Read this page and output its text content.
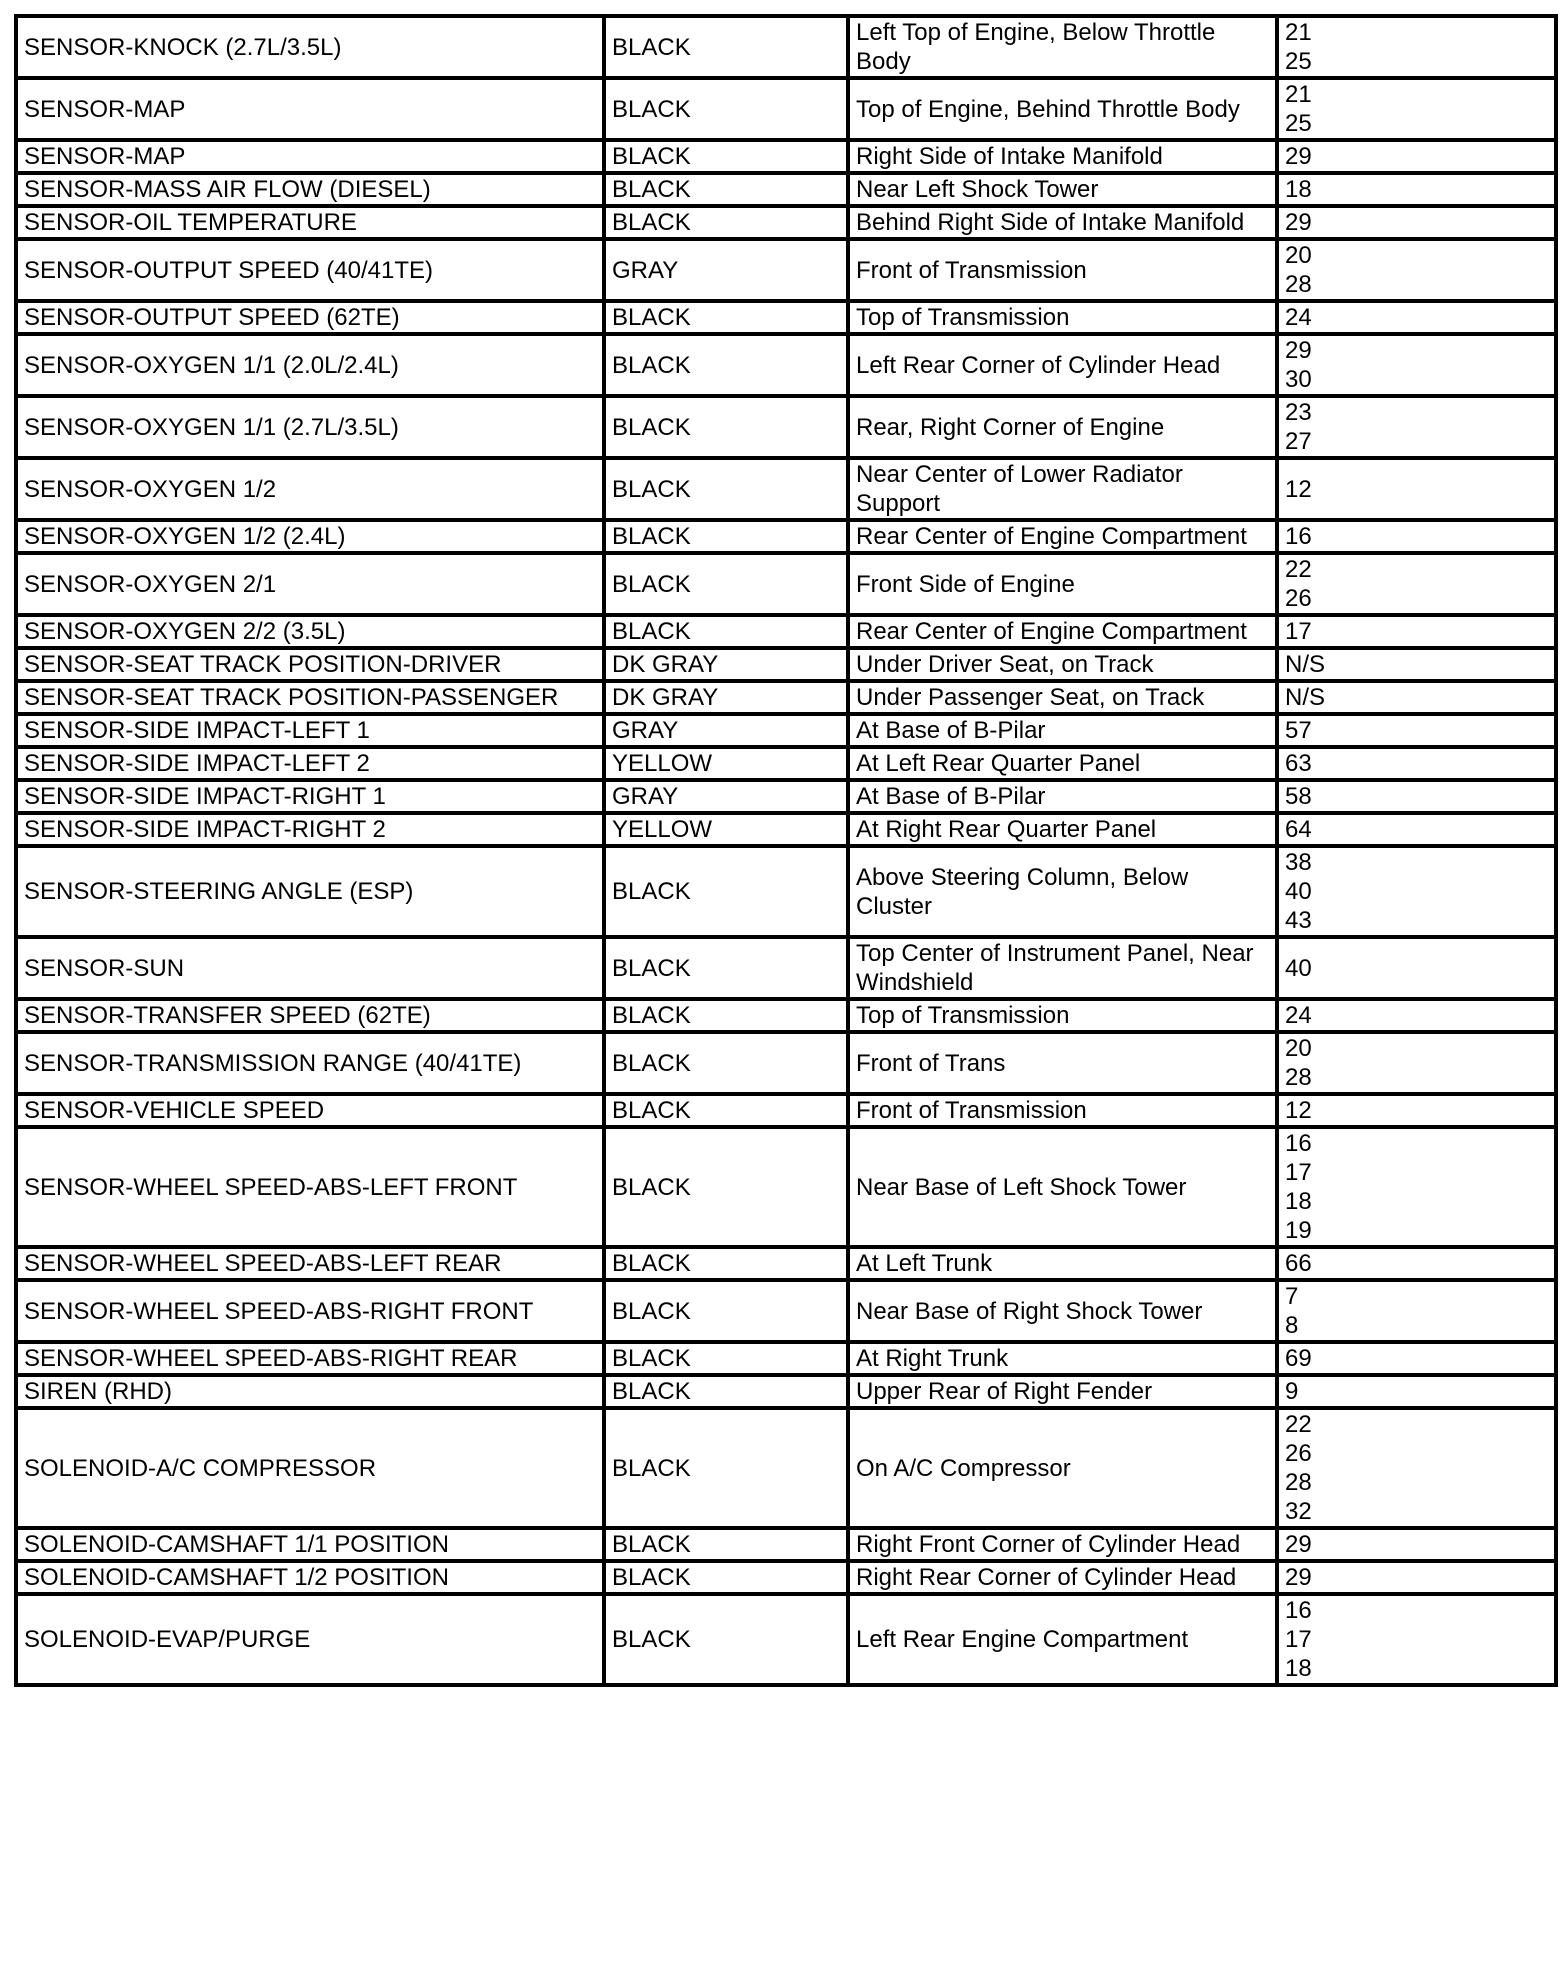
SENSOR-KNOCK (2.7L/3.5L)	BLACK	Left Top of Engine, Below Throttle Body	21
25

SENSOR-MAP	BLACK	Top of Engine, Behind Throttle Body	21
25

SENSOR-MAP	BLACK	Right Side of Intake Manifold	29

SENSOR-MASS AIR FLOW (DIESEL)	BLACK	Near Left Shock Tower	18

SENSOR-OIL TEMPERATURE	BLACK	Behind Right Side of Intake Manifold	29

SENSOR-OUTPUT SPEED (40/41TE)	GRAY	Front of Transmission	20
28

SENSOR-OUTPUT SPEED (62TE)	BLACK	Top of Transmission	24

SENSOR-OXYGEN 1/1 (2.0L/2.4L)	BLACK	Left Rear Corner of Cylinder Head	29
30

SENSOR-OXYGEN 1/1 (2.7L/3.5L)	BLACK	Rear, Right Corner of Engine	23
27

SENSOR-OXYGEN 1/2	BLACK	Near Center of Lower Radiator Support	12

SENSOR-OXYGEN 1/2 (2.4L)	BLACK	Rear Center of Engine Compartment	16

SENSOR-OXYGEN 2/1	BLACK	Front Side of Engine	22
26

SENSOR-OXYGEN 2/2 (3.5L)	BLACK	Rear Center of Engine Compartment	17

SENSOR-SEAT TRACK POSITION-DRIVER	DK GRAY	Under Driver Seat, on Track	N/S

SENSOR-SEAT TRACK POSITION-PASSENGER	DK GRAY	Under Passenger Seat, on Track	N/S

SENSOR-SIDE IMPACT-LEFT 1	GRAY	At Base of B-Pilar	57

SENSOR-SIDE IMPACT-LEFT 2	YELLOW	At Left Rear Quarter Panel	63

SENSOR-SIDE IMPACT-RIGHT 1	GRAY	At Base of B-Pilar	58

SENSOR-SIDE IMPACT-RIGHT 2	YELLOW	At Right Rear Quarter Panel	64

SENSOR-STEERING ANGLE (ESP)	BLACK	Above Steering Column, Below Cluster	38
40
43

SENSOR-SUN	BLACK	Top Center of Instrument Panel, Near Windshield	40

SENSOR-TRANSFER SPEED (62TE)	BLACK	Top of Transmission	24

SENSOR-TRANSMISSION RANGE (40/41TE)	BLACK	Front of Trans	20
28

SENSOR-VEHICLE SPEED	BLACK	Front of Transmission	12

SENSOR-WHEEL SPEED-ABS-LEFT FRONT	BLACK	Near Base of Left Shock Tower	16
17
18
19

SENSOR-WHEEL SPEED-ABS-LEFT REAR	BLACK	At Left Trunk	66

SENSOR-WHEEL SPEED-ABS-RIGHT FRONT	BLACK	Near Base of Right Shock Tower	7
8

SENSOR-WHEEL SPEED-ABS-RIGHT REAR	BLACK	At Right Trunk	69

SIREN (RHD)	BLACK	Upper Rear of Right Fender	9

SOLENOID-A/C COMPRESSOR	BLACK	On A/C Compressor	22
26
28
32

SOLENOID-CAMSHAFT 1/1 POSITION	BLACK	Right Front Corner of Cylinder Head	29

SOLENOID-CAMSHAFT 1/2 POSITION	BLACK	Right Rear Corner of Cylinder Head	29

SOLENOID-EVAP/PURGE	BLACK	Left Rear Engine Compartment	16
17
18
